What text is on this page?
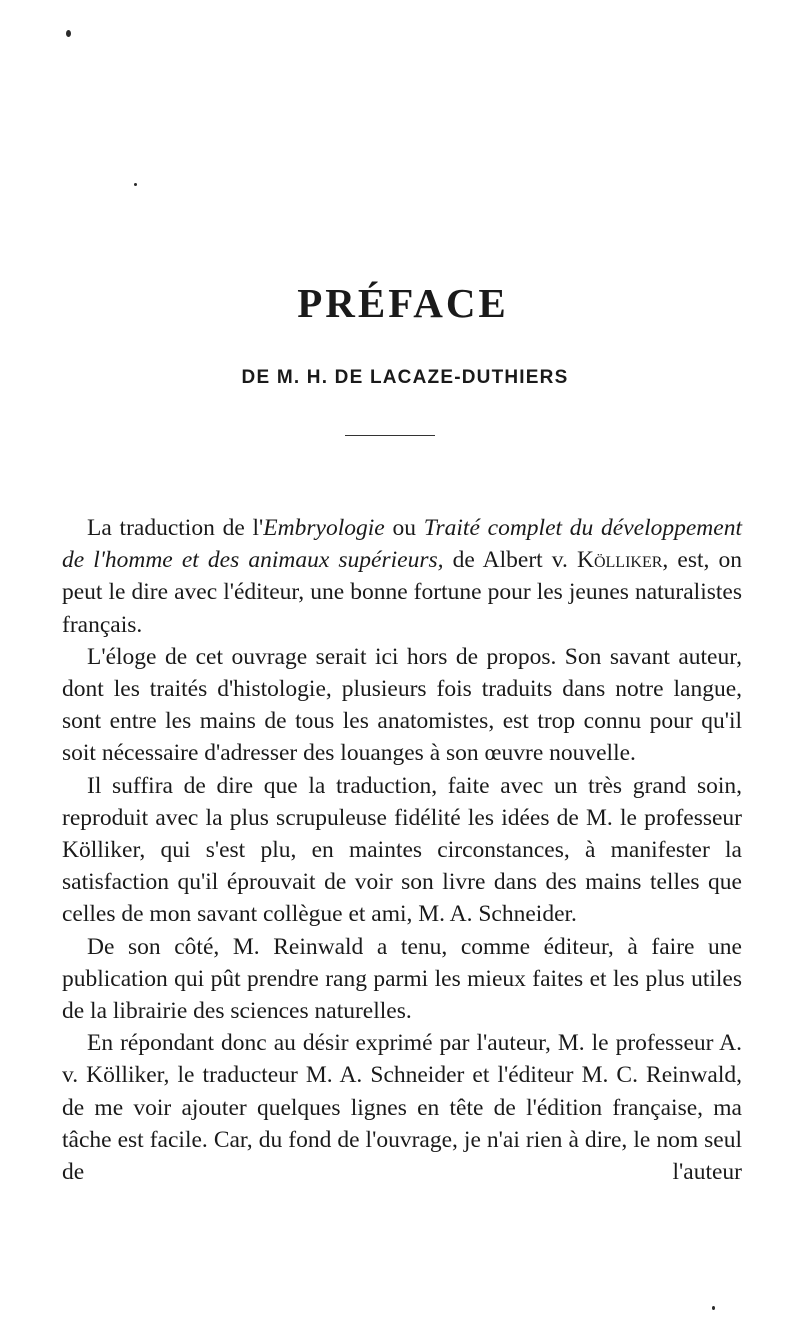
PRÉFACE
DE M. H. DE LACAZE-DUTHIERS

La traduction de l'Embryologie ou Traité complet du développement de l'homme et des animaux supérieurs, de Albert v. Kölliker, est, on peut le dire avec l'éditeur, une bonne fortune pour les jeunes naturalistes français.

L'éloge de cet ouvrage serait ici hors de propos. Son savant auteur, dont les traités d'histologie, plusieurs fois traduits dans notre langue, sont entre les mains de tous les anatomistes, est trop connu pour qu'il soit nécessaire d'adresser des louanges à son œuvre nouvelle.

Il suffira de dire que la traduction, faite avec un très grand soin, reproduit avec la plus scrupuleuse fidélité les idées de M. le professeur Kölliker, qui s'est plu, en maintes circonstances, à manifester la satisfaction qu'il éprouvait de voir son livre dans des mains telles que celles de mon savant collègue et ami, M. A. Schneider.

De son côté, M. Reinwald a tenu, comme éditeur, à faire une publication qui pût prendre rang parmi les mieux faites et les plus utiles de la librairie des sciences naturelles.

En répondant donc au désir exprimé par l'auteur, M. le professeur A. v. Kölliker, le traducteur M. A. Schneider et l'éditeur M. C. Reinwald, de me voir ajouter quelques lignes en tête de l'édition française, ma tâche est facile. Car, du fond de l'ouvrage, je n'ai rien à dire, le nom seul de l'auteur
